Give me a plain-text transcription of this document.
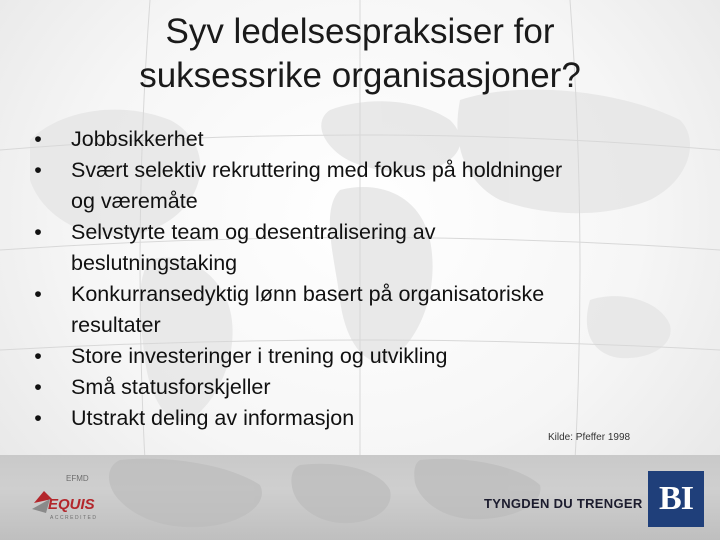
Syv ledelsespraksiser for
suksessrike organisasjoner?
• Jobbsikkerhet
• Svært selektiv rekruttering med fokus på holdninger
og væremåte
• Selvstyrte team og desentralisering av
beslutningstaking
• Konkurransedyktig lønn basert på organisatoriske
resultater
• Store investeringer i trening og utvikling
• Små statusforskjeller
• Utstrakt deling av informasjon
Kilde: Pfeffer 1998
EFMD
EQUIS
ACCREDITED
TYNGDEN DU TRENGER BI
